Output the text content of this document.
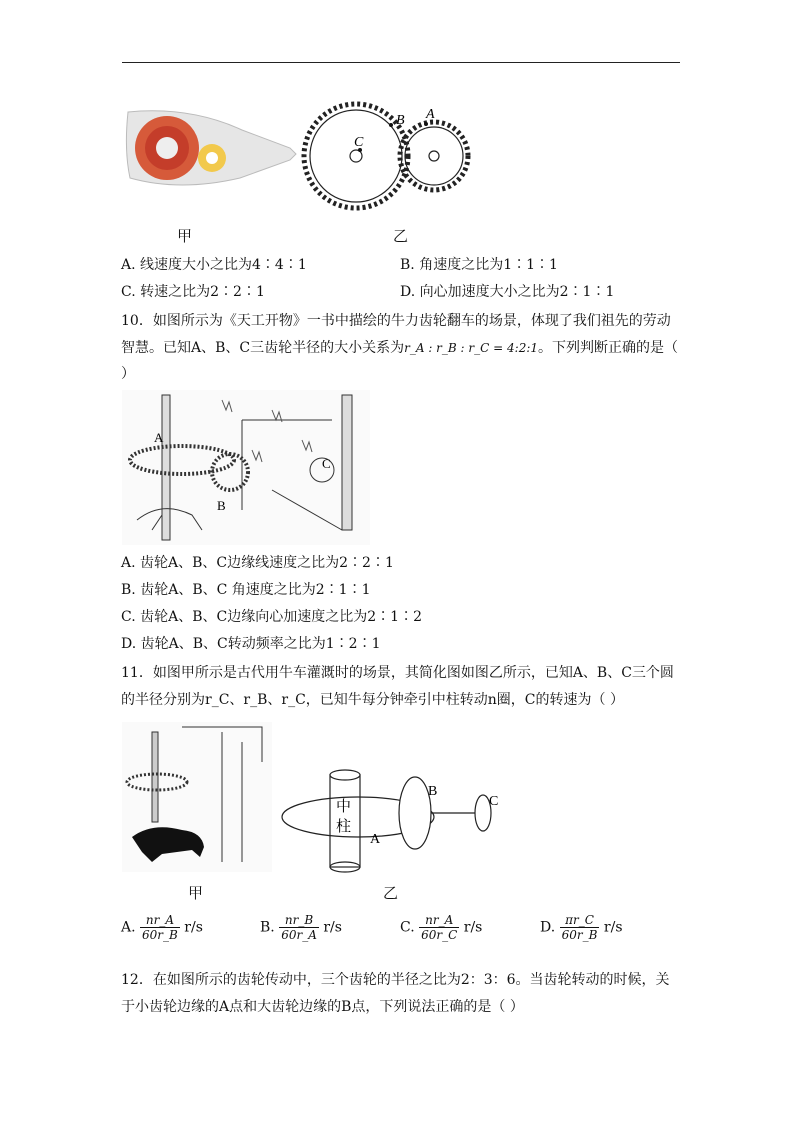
B A
C
甲	乙
A. 线速度大小之比为4∶4∶1	B. 角速度之比为1∶1∶1
C. 转速之比为2∶2∶1	D. 向心加速度大小之比为2∶1∶1
10．如图所示为《天工开物》一书中描绘的牛力齿轮翻车的场景，体现了我们祖先的劳动
智慧。已知A、B、C三齿轮半径的大小关系为r_A : r_B : r_C = 4:2:1。下列判断正确的是（
）
A
B
C
A. 齿轮A、B、C边缘线速度之比为2∶2∶1
B. 齿轮A、B、C 角速度之比为2∶1∶1
C. 齿轮A、B、C边缘向心加速度之比为2∶1∶2
D. 齿轮A、B、C转动频率之比为1∶2∶1
11．如图甲所示是古代用牛车灌溉时的场景，其简化图如图乙所示，已知A、B、C三个圆
的半径分别为r_C、r_B、r_C，已知牛每分钟牵引中柱转动n圈，C的转速为（ ）
中
柱
A
B
C
甲	乙
A. $\frac{nr\_A}{60r\_B} r/s$	B. $\frac{nr\_B}{60r\_A} r/s$	C. $\frac{nr\_A}{60r\_C} r/s$	D. $\frac{\pi r\_C}{60r\_B} r/s$
12．在如图所示的齿轮传动中，三个齿轮的半径之比为2：3：6。当齿轮转动的时候，关
于小齿轮边缘的A点和大齿轮边缘的B点，下列说法正确的是（ ）
